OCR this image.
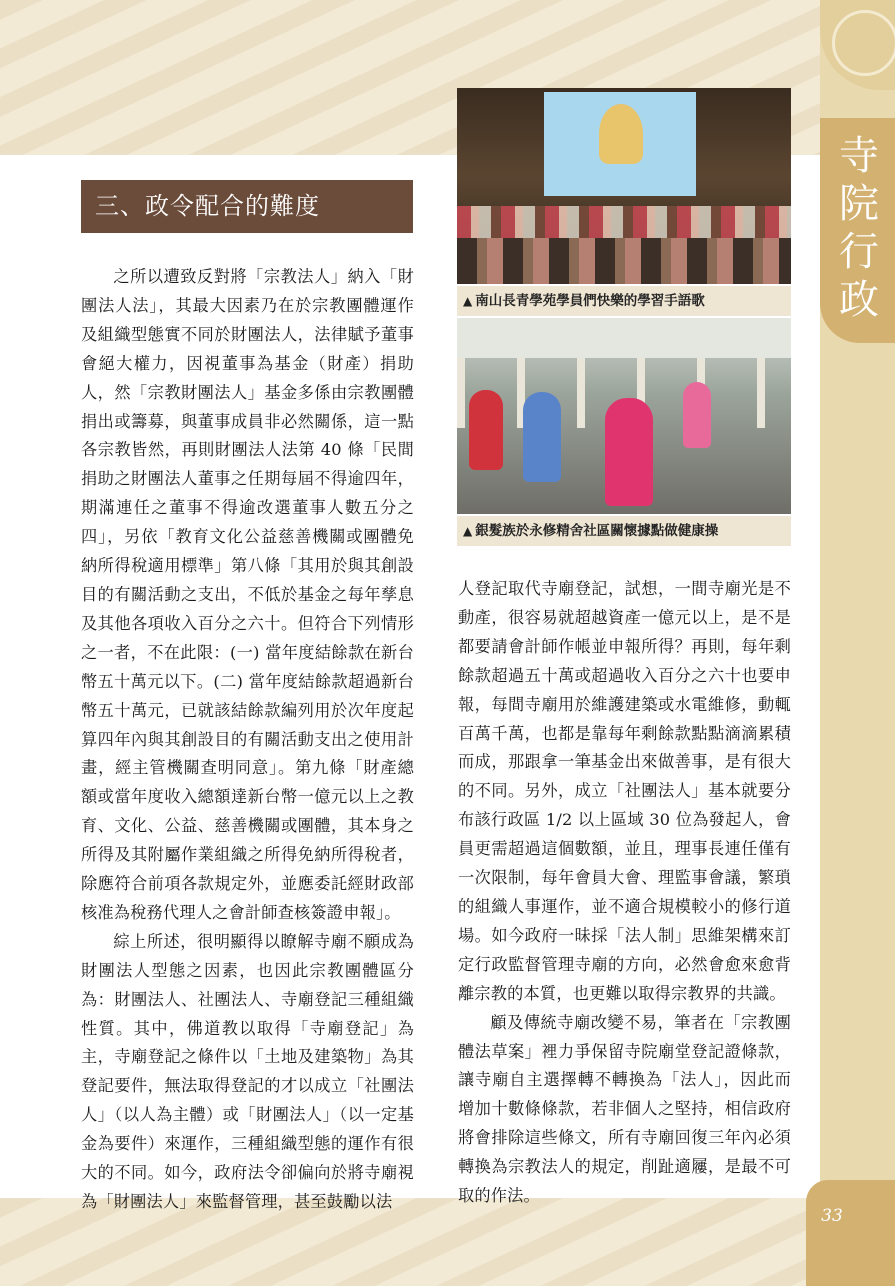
寺院行政
三、政令配合的難度

之所以遭致反對將「宗教法人」納入「財團法人法」，其最大因素乃在於宗教團體運作及組織型態實不同於財團法人，法律賦予董事會絕大權力，因視董事為基金（財產）捐助人，然「宗教財團法人」基金多係由宗教團體捐出或籌募，與董事成員非必然關係，這一點各宗教皆然，再則財團法人法第 40 條「民間捐助之財團法人董事之任期每屆不得逾四年，期滿連任之董事不得逾改選董事人數五分之四」，另依「教育文化公益慈善機關或團體免納所得稅適用標準」第八條「其用於與其創設目的有關活動之支出，不低於基金之每年孳息及其他各項收入百分之六十。但符合下列情形之一者，不在此限：(一) 當年度結餘款在新台幣五十萬元以下。(二) 當年度結餘款超過新台幣五十萬元，已就該結餘款編列用於次年度起算四年內與其創設目的有關活動支出之使用計畫，經主管機關查明同意」。第九條「財產總額或當年度收入總額達新台幣一億元以上之教育、文化、公益、慈善機關或團體，其本身之所得及其附屬作業組織之所得免納所得稅者，除應符合前項各款規定外，並應委託經財政部核准為稅務代理人之會計師查核簽證申報」。

綜上所述，很明顯得以瞭解寺廟不願成為財團法人型態之因素，也因此宗教團體區分為：財團法人、社團法人、寺廟登記三種組織性質。其中，佛道教以取得「寺廟登記」為主，寺廟登記之條件以「土地及建築物」為其登記要件，無法取得登記的才以成立「社團法人」（以人為主體）或「財團法人」（以一定基金為要件）來運作，三種組織型態的運作有很大的不同。如今，政府法令卻偏向於將寺廟視為「財團法人」來監督管理，甚至鼓勵以法

▲ 南山長青學苑學員們快樂的學習手語歌
▲ 銀髮族於永修精舍社區關懷據點做健康操

人登記取代寺廟登記，試想，一間寺廟光是不動產，很容易就超越資產一億元以上，是不是都要請會計師作帳並申報所得？再則，每年剩餘款超過五十萬或超過收入百分之六十也要申報，每間寺廟用於維護建築或水電維修，動輒百萬千萬，也都是靠每年剩餘款點點滴滴累積而成，那跟拿一筆基金出來做善事，是有很大的不同。另外，成立「社團法人」基本就要分布該行政區 1/2 以上區域 30 位為發起人，會員更需超過這個數額，並且，理事長連任僅有一次限制，每年會員大會、理監事會議，繁瑣的組織人事運作，並不適合規模較小的修行道場。如今政府一昧採「法人制」思維架構來訂定行政監督管理寺廟的方向，必然會愈來愈背離宗教的本質，也更難以取得宗教界的共識。

顧及傳統寺廟改變不易，筆者在「宗教團體法草案」裡力爭保留寺院廟堂登記證條款，讓寺廟自主選擇轉不轉換為「法人」，因此而增加十數條條款，若非個人之堅持，相信政府將會排除這些條文，所有寺廟回復三年內必須轉換為宗教法人的規定，削趾適屨，是最不可取的作法。

33
